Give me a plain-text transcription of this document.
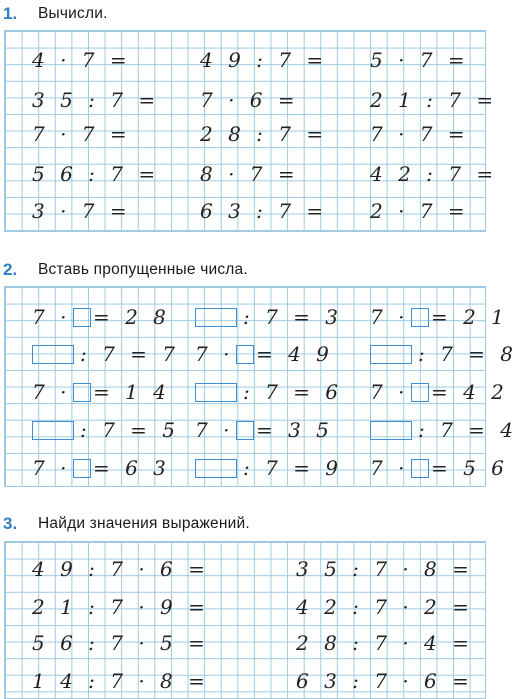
1. Вычисли.
4 · 7 =
3 5 : 7 =
7 · 7 =
5 6 : 7 =
3 · 7 =
4 9 : 7 =
7 · 6 =
2 8 : 7 =
8 · 7 =
6 3 : 7 =
5 · 7 =
2 1 : 7 =
7 · 7 =
4 2 : 7 =
2 · 7 =
2. Вставь пропущенные числа.
7 · = 2 8
: 7 = 7
7 · = 1 4
: 7 = 5
7 · = 6 3
: 7 = 3
7 · = 4 9
: 7 = 6
7 · = 3 5
: 7 = 9
7 · = 2 1
: 7 = 8
7 · = 4 2
: 7 = 4
7 · = 5 6
3. Найди значения выражений.
4 9 : 7 · 6 =
2 1 : 7 · 9 =
5 6 : 7 · 5 =
1 4 : 7 · 8 =
3 5 : 7 · 8 =
4 2 : 7 · 2 =
2 8 : 7 · 4 =
6 3 : 7 · 6 =
